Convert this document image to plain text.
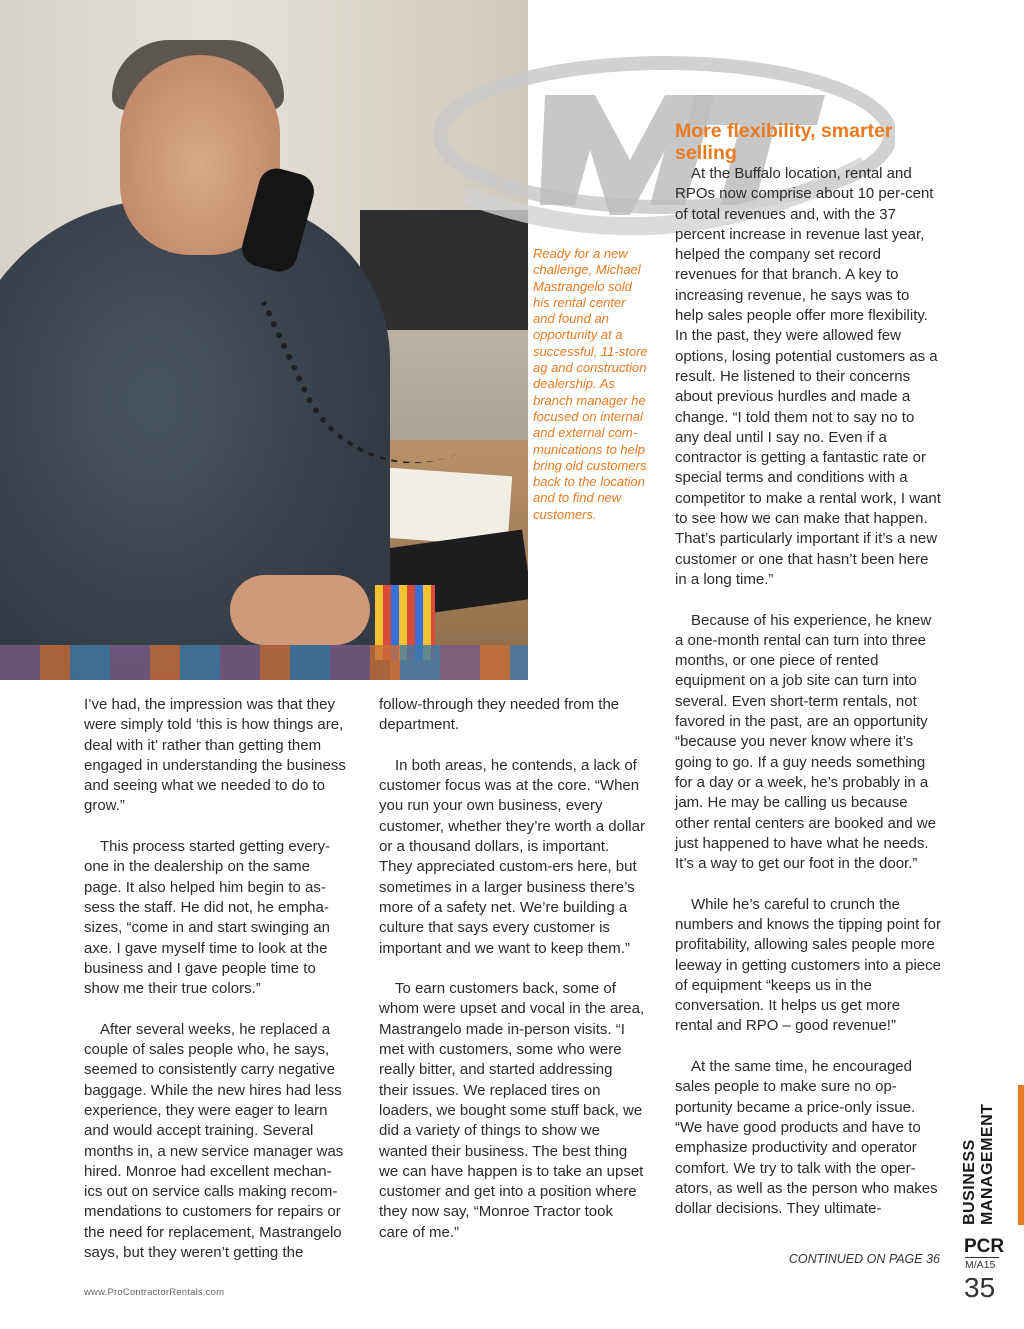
Ready for a new challenge, Michael Mastrangelo sold his rental center and found an opportunity at a successful, 11-store ag and construction dealership. As branch manager he focused on internal and external com-munications to help bring old customers back to the location and to find new customers.
More flexibility, smarter selling

I’ve had, the impression was that they were simply told ‘this is how things are, deal with it’ rather than getting them engaged in understanding the business and seeing what we needed to do to grow.”

This process started getting every-one in the dealership on the same page. It also helped him begin to as-sess the staff. He did not, he empha-sizes, “come in and start swinging an axe. I gave myself time to look at the business and I gave people time to show me their true colors.”

After several weeks, he replaced a couple of sales people who, he says, seemed to consistently carry negative baggage. While the new hires had less experience, they were eager to learn and would accept training. Several months in, a new service manager was hired. Monroe had excellent mechan-ics out on service calls making recom-mendations to customers for repairs or the need for replacement, Mastrangelo says, but they weren’t getting the

follow-through they needed from the department.

In both areas, he contends, a lack of customer focus was at the core. “When you run your own business, every customer, whether they’re worth a dollar or a thousand dollars, is important. They appreciated custom-ers here, but sometimes in a larger business there’s more of a safety net. We’re building a culture that says every customer is important and we want to keep them.”

To earn customers back, some of whom were upset and vocal in the area, Mastrangelo made in-person visits. “I met with customers, some who were really bitter, and started addressing their issues. We replaced tires on loaders, we bought some stuff back, we did a variety of things to show we wanted their business. The best thing we can have happen is to take an upset customer and get into a position where they now say, “Monroe Tractor took care of me.”

At the Buffalo location, rental and RPOs now comprise about 10 per-cent of total revenues and, with the 37 percent increase in revenue last year, helped the company set record revenues for that branch. A key to increasing revenue, he says was to help sales people offer more flexibility. In the past, they were allowed few options, losing potential customers as a result. He listened to their concerns about previous hurdles and made a change. “I told them not to say no to any deal until I say no. Even if a contractor is getting a fantastic rate or special terms and conditions with a competitor to make a rental work, I want to see how we can make that happen. That’s particularly important if it’s a new customer or one that hasn’t been here in a long time.”

Because of his experience, he knew a one-month rental can turn into three months, or one piece of rented equipment on a job site can turn into several. Even short-term rentals, not favored in the past, are an opportunity “because you never know where it’s going to go. If a guy needs something for a day or a week, he’s probably in a jam. He may be calling us because other rental centers are booked and we just happened to have what he needs. It’s a way to get our foot in the door.”

While he’s careful to crunch the numbers and knows the tipping point for profitability, allowing sales people more leeway in getting customers into a piece of equipment “keeps us in the conversation. It helps us get more rental and RPO – good revenue!”

At the same time, he encouraged sales people to make sure no op-portunity became a price-only issue. “We have good products and have to emphasize productivity and operator comfort. We try to talk with the oper-ators, as well as the person who makes dollar decisions. They ultimate-

CONTINUED ON PAGE 36
www.ProContractorRentals.com
BUSINESS MANAGEMENT
PCR
M/A15
35
